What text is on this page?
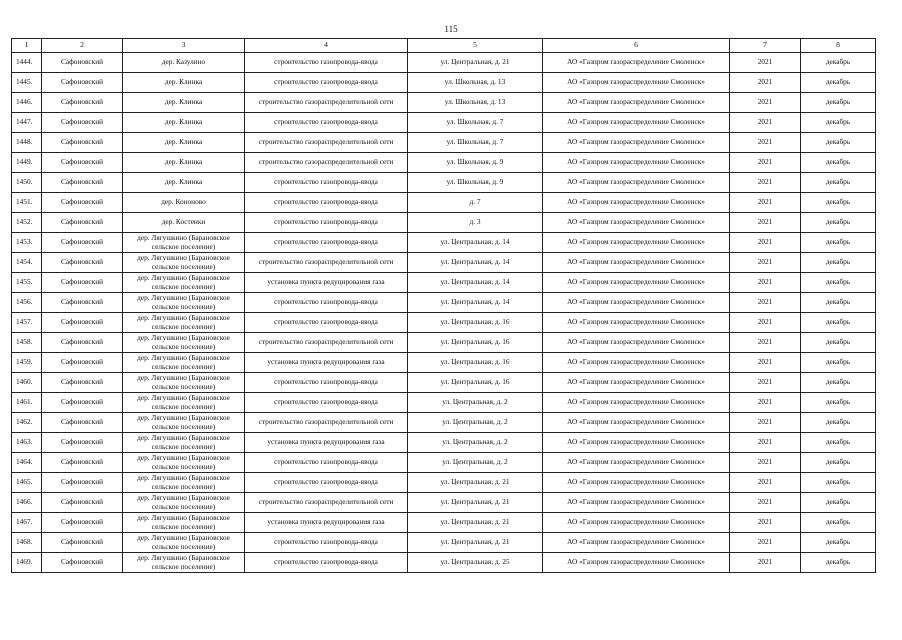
115
1	2	3	4	5	6	7	8
1444.	Сафоновский	дер. Казулино	строительство газопровода-ввода	ул. Центральная, д. 21	АО «Газпром газораспределение Смоленск»	2021	декабрь
1445.	Сафоновский	дер. Клинка	строительство газопровода-ввода	ул. Школьная, д. 13	АО «Газпром газораспределение Смоленск»	2021	декабрь
1446.	Сафоновский	дер. Клинка	строительство газораспределительной сети	ул. Школьная, д. 13	АО «Газпром газораспределение Смоленск»	2021	декабрь
1447.	Сафоновский	дер. Клинка	строительство газопровода-ввода	ул. Школьная, д. 7	АО «Газпром газораспределение Смоленск»	2021	декабрь
1448.	Сафоновский	дер. Клинка	строительство газораспределительной сети	ул. Школьная, д. 7	АО «Газпром газораспределение Смоленск»	2021	декабрь
1449.	Сафоновский	дер. Клинка	строительство газораспределительной сети	ул. Школьная, д. 9	АО «Газпром газораспределение Смоленск»	2021	декабрь
1450.	Сафоновский	дер. Клинка	строительство газопровода-ввода	ул. Школьная, д. 9	АО «Газпром газораспределение Смоленск»	2021	декабрь
1451.	Сафоновский	дер. Кононово	строительство газопровода-ввода	д. 7	АО «Газпром газораспределение Смоленск»	2021	декабрь
1452.	Сафоновский	дер. Костенки	строительство газопровода-ввода	д. 3	АО «Газпром газораспределение Смоленск»	2021	декабрь
1453.	Сафоновский	дер. Лягушкино (Барановское сельское поселение)	строительство газопровода-ввода	ул. Центральная, д. 14	АО «Газпром газораспределение Смоленск»	2021	декабрь
1454.	Сафоновский	дер. Лягушкино (Барановское сельское поселение)	строительство газораспределительной сети	ул. Центральная, д. 14	АО «Газпром газораспределение Смоленск»	2021	декабрь
1455.	Сафоновский	дер. Лягушкино (Барановское сельское поселение)	установка пункта редуцирования газа	ул. Центральная, д. 14	АО «Газпром газораспределение Смоленск»	2021	декабрь
1456.	Сафоновский	дер. Лягушкино (Барановское сельское поселение)	строительство газопровода-ввода	ул. Центральная, д. 14	АО «Газпром газораспределение Смоленск»	2021	декабрь
1457.	Сафоновский	дер. Лягушкино (Барановское сельское поселение)	строительство газопровода-ввода	ул. Центральная, д. 16	АО «Газпром газораспределение Смоленск»	2021	декабрь
1458.	Сафоновский	дер. Лягушкино (Барановское сельское поселение)	строительство газораспределительной сети	ул. Центральная, д. 16	АО «Газпром газораспределение Смоленск»	2021	декабрь
1459.	Сафоновский	дер. Лягушкино (Барановское сельское поселение)	установка пункта редуцирования газа	ул. Центральная, д. 16	АО «Газпром газораспределение Смоленск»	2021	декабрь
1460.	Сафоновский	дер. Лягушкино (Барановское сельское поселение)	строительство газопровода-ввода	ул. Центральная, д. 16	АО «Газпром газораспределение Смоленск»	2021	декабрь
1461.	Сафоновский	дер. Лягушкино (Барановское сельское поселение)	строительство газопровода-ввода	ул. Центральная, д. 2	АО «Газпром газораспределение Смоленск»	2021	декабрь
1462.	Сафоновский	дер. Лягушкино (Барановское сельское поселение)	строительство газораспределительной сети	ул. Центральная, д. 2	АО «Газпром газораспределение Смоленск»	2021	декабрь
1463.	Сафоновский	дер. Лягушкино (Барановское сельское поселение)	установка пункта редуцирования газа	ул. Центральная, д. 2	АО «Газпром газораспределение Смоленск»	2021	декабрь
1464.	Сафоновский	дер. Лягушкино (Барановское сельское поселение)	строительство газопровода-ввода	ул. Центральная, д. 2	АО «Газпром газораспределение Смоленск»	2021	декабрь
1465.	Сафоновский	дер. Лягушкино (Барановское сельское поселение)	строительство газопровода-ввода	ул. Центральная, д. 21	АО «Газпром газораспределение Смоленск»	2021	декабрь
1466.	Сафоновский	дер. Лягушкино (Барановское сельское поселение)	строительство газораспределительной сети	ул. Центральная, д. 21	АО «Газпром газораспределение Смоленск»	2021	декабрь
1467.	Сафоновский	дер. Лягушкино (Барановское сельское поселение)	установка пункта редуцирования газа	ул. Центральная, д. 21	АО «Газпром газораспределение Смоленск»	2021	декабрь
1468.	Сафоновский	дер. Лягушкино (Барановское сельское поселение)	строительство газопровода-ввода	ул. Центральная, д. 21	АО «Газпром газораспределение Смоленск»	2021	декабрь
1469.	Сафоновский	дер. Лягушкино (Барановское сельское поселение)	строительство газопровода-ввода	ул. Центральная, д. 25	АО «Газпром газораспределение Смоленск»	2021	декабрь
